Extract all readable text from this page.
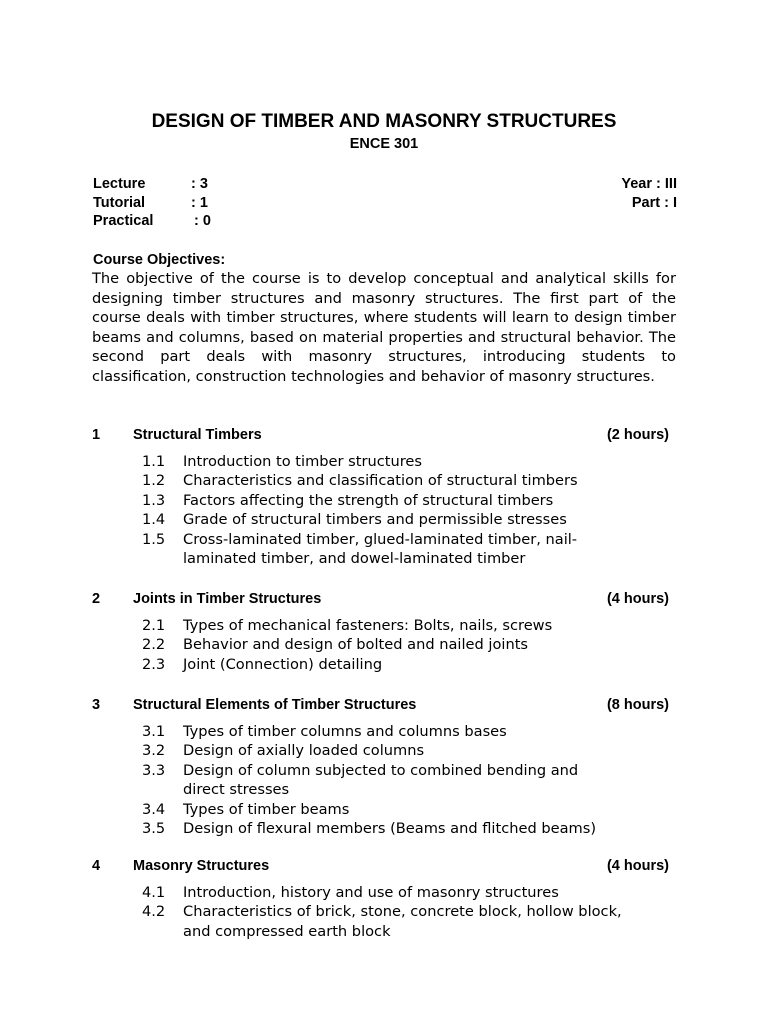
DESIGN OF TIMBER AND MASONRY STRUCTURES
ENCE 301
Lecture	: 3
Tutorial	: 1
Practical	: 0
Year : III
Part : I
Course Objectives:

The objective of the course is to develop conceptual and analytical skills for designing timber structures and masonry structures. The first part of the course deals with timber structures, where students will learn to design timber beams and columns, based on material properties and structural behavior. The second part deals with masonry structures, introducing students to classification, construction technologies and behavior of masonry structures.

1 Structural Timbers	(2 hours)
1.1 Introduction to timber structures
1.2 Characteristics and classification of structural timbers
1.3 Factors affecting the strength of structural timbers
1.4 Grade of structural timbers and permissible stresses
1.5 Cross-laminated timber, glued-laminated timber, nail-laminated timber, and dowel-laminated timber
2 Joints in Timber Structures	(4 hours)
2.1 Types of mechanical fasteners: Bolts, nails, screws
2.2 Behavior and design of bolted and nailed joints
2.3 Joint (Connection) detailing
3 Structural Elements of Timber Structures	(8 hours)
3.1 Types of timber columns and columns bases
3.2 Design of axially loaded columns
3.3 Design of column subjected to combined bending and direct stresses
3.4 Types of timber beams
3.5 Design of flexural members (Beams and flitched beams)
4 Masonry Structures	(4 hours)
4.1 Introduction, history and use of masonry structures
4.2 Characteristics of brick, stone, concrete block, hollow block, and compressed earth block
